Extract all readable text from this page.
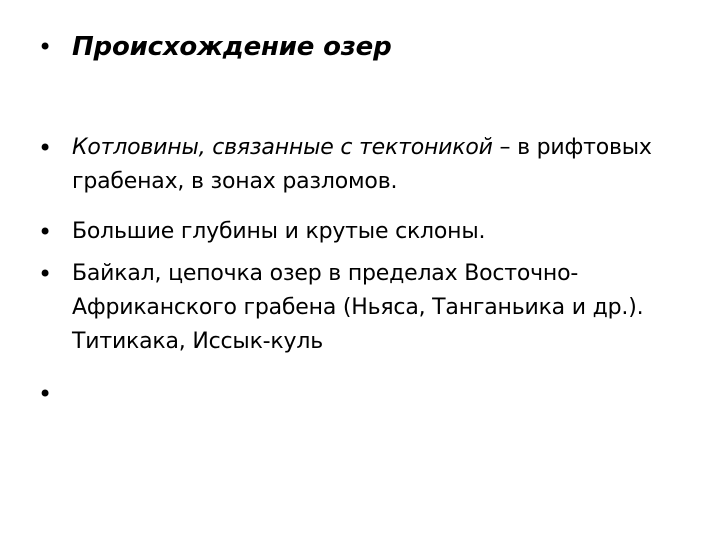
• Происхождение озер
• Котловины, связанные с тектоникой – в рифтовых грабенах, в зонах разломов.
• Большие глубины и крутые склоны.
• Байкал, цепочка озер в пределах Восточно-Африканского грабена (Ньяса, Танганьика и др.). Титикака, Иссык-куль
•
